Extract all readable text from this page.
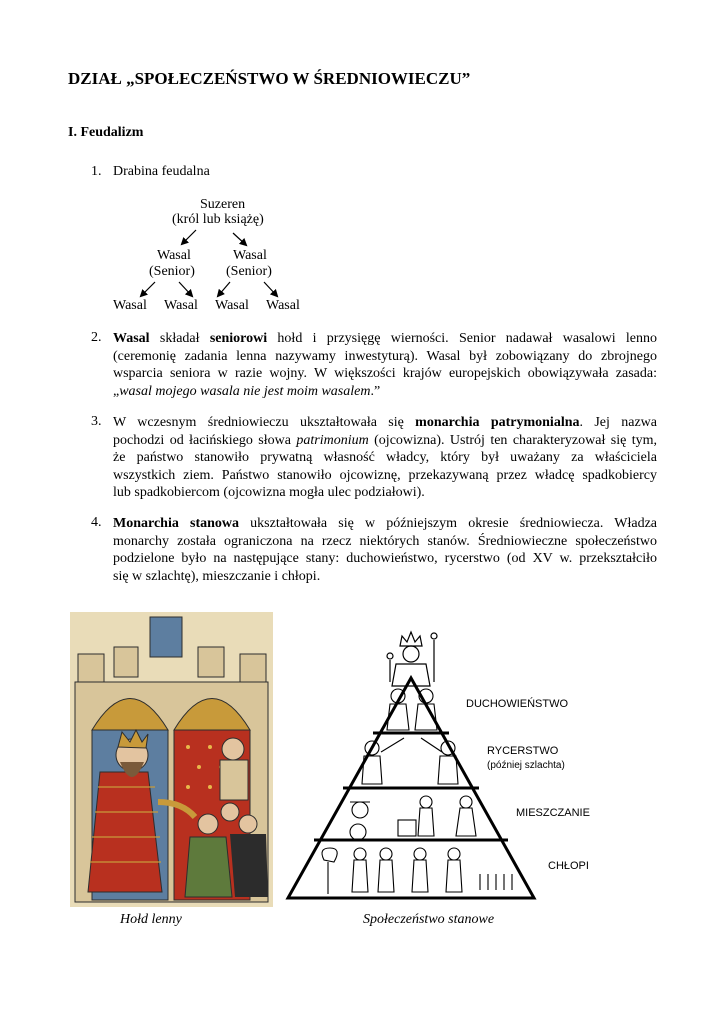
DZIAŁ „SPOŁECZEŃSTWO W ŚREDNIOWIECZU”
I. Feudalizm
1. Drabina feudalna
Suzeren
(król lub książę)
Wasal	Wasal
(Senior) (Senior)
Wasal Wasal Wasal Wasal
2. Wasal składał seniorowi hołd i przysięgę wierności. Senior nadawał wasalowi lenno
(ceremonię zadania lenna nazywamy inwestyturą). Wasal był zobowiązany do zbrojnego
wsparcia seniora w razie wojny. W większości krajów europejskich obowiązywała zasada:
„wasal mojego wasala nie jest moim wasalem.”
3. W wczesnym średniowieczu ukształtowała się monarchia patrymonialna. Jej nazwa
pochodzi od łacińskiego słowa patrimonium (ojcowizna). Ustrój ten charakteryzował się tym,
że państwo stanowiło prywatną własność władcy, który był uważany za właściciela
wszystkich ziem. Państwo stanowiło ojcowiznę, przekazywaną przez władcę spadkobiercy
lub spadkobiercom (ojcowizna mogła ulec podziałowi).
4. Monarchia stanowa ukształtowała się w późniejszym okresie średniowiecza. Władza
monarchy została ograniczona na rzecz niektórych stanów. Średniowieczne społeczeństwo
podzielone było na następujące stany: duchowieństwo, rycerstwo (od XV w. przekształciło
się w szlachtę), mieszczanie i chłopi.
DUCHOWIEŃSTWO
RYCERSTWO
(później szlachta)
MIESZCZANIE
CHŁOPI
Hołd lenny	Społeczeństwo stanowe
